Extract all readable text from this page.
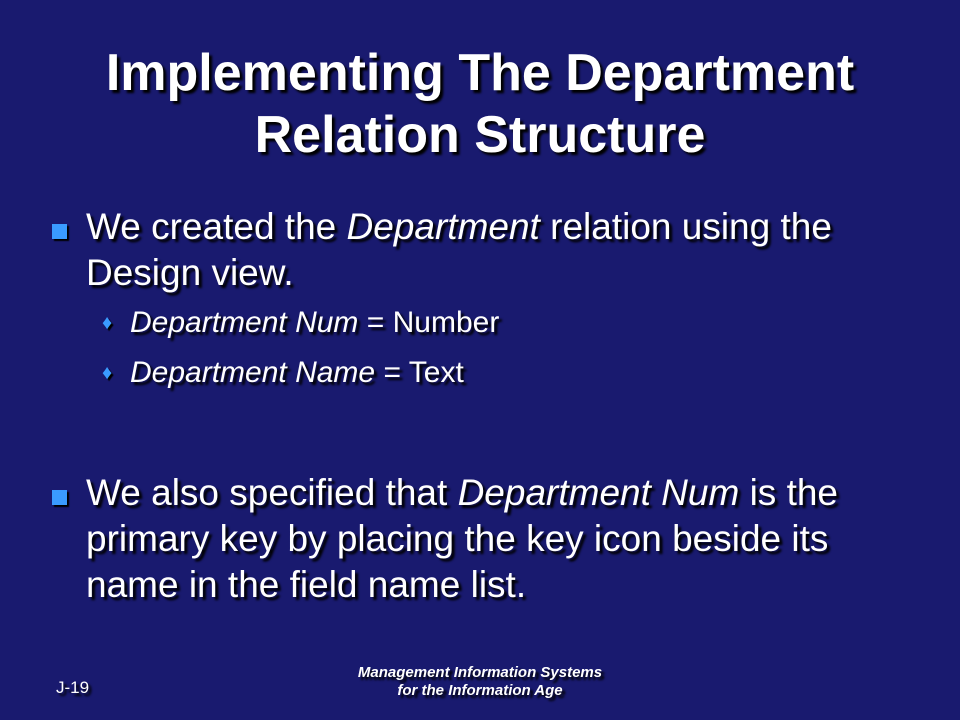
Implementing The Department
Relation Structure
We created the Department relation using the Design view.
♦ Department Num = Number
♦ Department Name = Text
We also specified that Department Num is the primary key by placing the key icon beside its name in the field name list.
J-19
Management Information Systems
for the Information Age
